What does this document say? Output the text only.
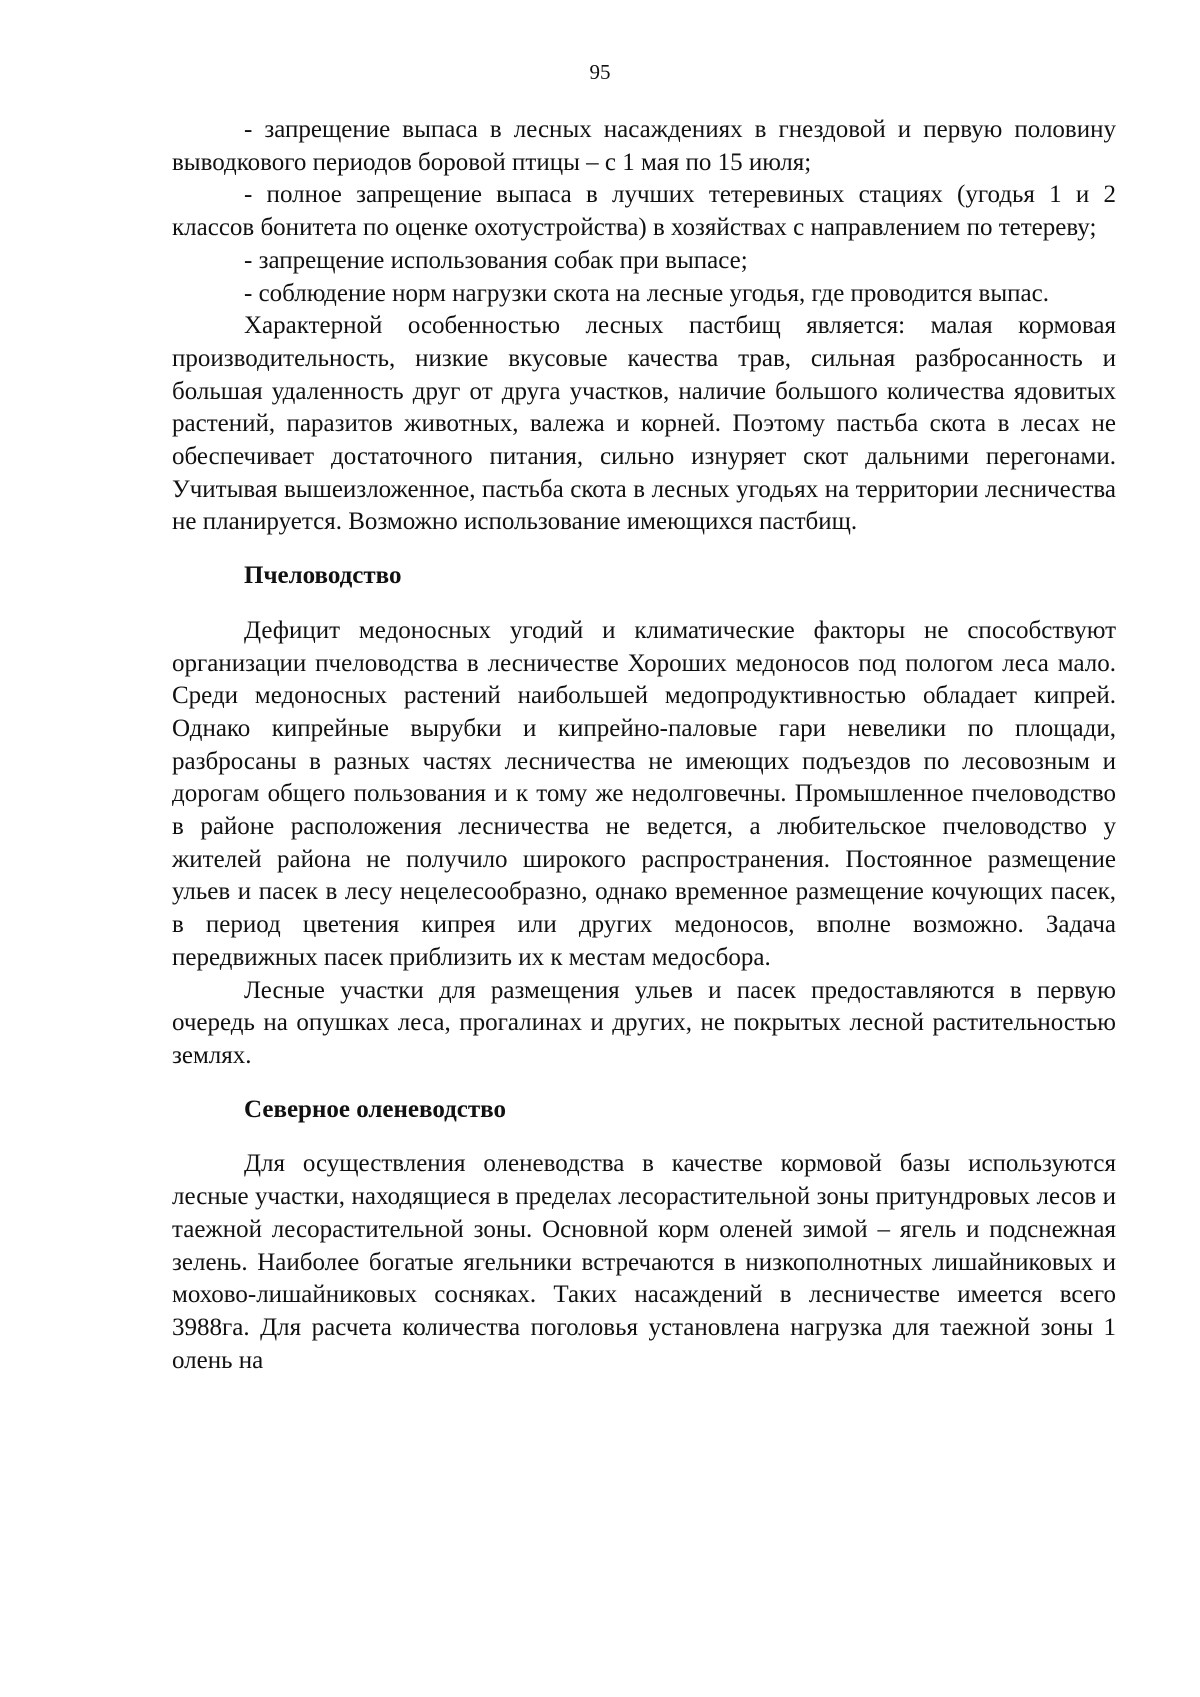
95

- запрещение выпаса в лесных насаждениях в гнездовой и первую половину выводкового периодов боровой птицы – с 1 мая по 15 июля;

- полное запрещение выпаса в лучших тетеревиных стациях (угодья 1 и 2 классов бонитета по оценке охотустройства) в хозяйствах с направлением по тетереву;

- запрещение использования собак при выпасе;

- соблюдение норм нагрузки скота на лесные угодья, где проводится выпас.

Характерной особенностью лесных пастбищ является: малая кормовая производительность, низкие вкусовые качества трав, сильная разбросанность и большая удаленность друг от друга участков, наличие большого количества ядовитых растений, паразитов животных, валежа и корней. Поэтому пастьба скота в лесах не обеспечивает достаточного питания, сильно изнуряет скот дальними перегонами. Учитывая вышеизложенное, пастьба скота в лесных угодьях на территории лесничества не планируется. Возможно использование имеющихся пастбищ.

Пчеловодство

Дефицит медоносных угодий и климатические факторы не способствуют организации пчеловодства в лесничестве Хороших медоносов под пологом леса мало. Среди медоносных растений наибольшей медопродуктивностью обладает кипрей. Однако кипрейные вырубки и кипрейно-паловые гари невелики по площади, разбросаны в разных частях лесничества не имеющих подъездов по лесовозным и дорогам общего пользования и к тому же недолговечны. Промышленное пчеловодство в районе расположения лесничества не ведется, а любительское пчеловодство у жителей района не получило широкого распространения. Постоянное размещение ульев и пасек в лесу нецелесообразно, однако временное размещение кочующих пасек, в период цветения кипрея или других медоносов, вполне возможно. Задача передвижных пасек приблизить их к местам медосбора.

Лесные участки для размещения ульев и пасек предоставляются в первую очередь на опушках леса, прогалинах и других, не покрытых лесной растительностью землях.

Северное оленеводство

Для осуществления оленеводства в качестве кормовой базы используются лесные участки, находящиеся в пределах лесорастительной зоны притундровых лесов и таежной лесорастительной зоны. Основной корм оленей зимой – ягель и подснежная зелень. Наиболее богатые ягельники встречаются в низкополнотных лишайниковых и мохово-лишайниковых сосняках. Таких насаждений в лесничестве имеется всего 3988га. Для расчета количества поголовья установлена нагрузка для таежной зоны 1 олень на
